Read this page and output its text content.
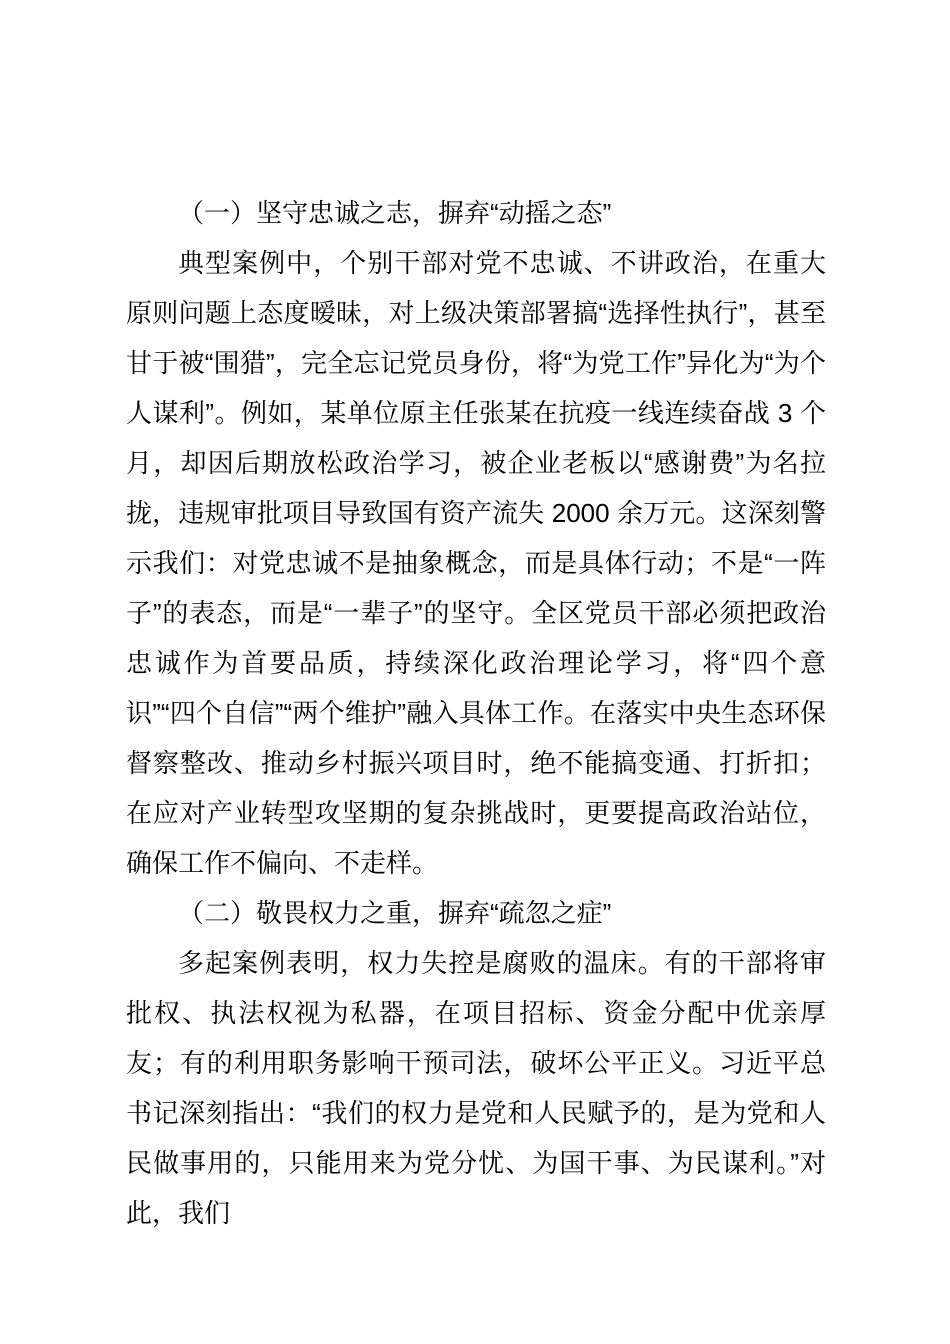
（一）坚守忠诚之志，摒弃“动摇之态”

典型案例中，个别干部对党不忠诚、不讲政治，在重大原则问题上态度暧昧，对上级决策部署搞“选择性执行”，甚至甘于被“围猎”，完全忘记党员身份，将“为党工作”异化为“为个人谋利”。例如，某单位原主任张某在抗疫一线连续奋战 3 个月，却因后期放松政治学习，被企业老板以“感谢费”为名拉拢，违规审批项目导致国有资产流失 2000 余万元。这深刻警示我们：对党忠诚不是抽象概念，而是具体行动；不是“一阵子”的表态，而是“一辈子”的坚守。全区党员干部必须把政治忠诚作为首要品质，持续深化政治理论学习，将“四个意识”“四个自信”“两个维护”融入具体工作。在落实中央生态环保督察整改、推动乡村振兴项目时，绝不能搞变通、打折扣；在应对产业转型攻坚期的复杂挑战时，更要提高政治站位，确保工作不偏向、不走样。

（二）敬畏权力之重，摒弃“疏忽之症”

多起案例表明，权力失控是腐败的温床。有的干部将审批权、执法权视为私器，在项目招标、资金分配中优亲厚友；有的利用职务影响干预司法，破坏公平正义。习近平总书记深刻指出：“我们的权力是党和人民赋予的，是为党和人民做事用的，只能用来为党分忧、为国干事、为民谋利。”对此，我们
